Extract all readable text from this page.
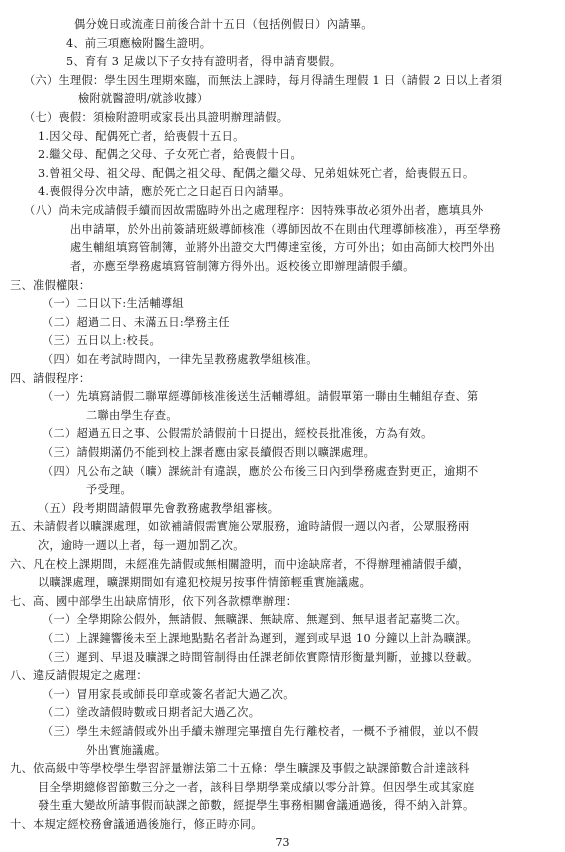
偶分娩日或流產日前後合計十五日（包括例假日）內請畢。
4、前三項應檢附醫生證明。
5、育有 3 足歲以下子女持有證明者，得申請育嬰假。
（六）生理假：學生因生理期來臨，而無法上課時，每月得請生理假 1 日（請假 2 日以上者須
檢附就醫證明/就診收據）
（七）喪假：須檢附證明或家長出具證明辦理請假。
1.因父母、配偶死亡者，給喪假十五日。
2.繼父母、配偶之父母、子女死亡者，給喪假十日。
3.曾祖父母、祖父母、配偶之祖父母、配偶之繼父母、兄弟姐妹死亡者，給喪假五日。
4.喪假得分次申請，應於死亡之日起百日內請畢。
（八）尚未完成請假手續而因故需臨時外出之處理程序：因特殊事故必須外出者，應填具外
出申請單，於外出前簽請班級導師核准（導師因故不在則由代理導師核准），再至學務
處生輔組填寫管制簿，並將外出證交大門傳達室後，方可外出；如由高師大校門外出
者，亦應至學務處填寫管制簿方得外出。返校後立即辦理請假手續。
三、准假權限：
（一）二日以下:生活輔導組
（二）超過二日、未滿五日:學務主任
（三）五日以上:校長。
（四）如在考試時間內，一律先呈教務處教學組核准。
四、請假程序：
（一）先填寫請假二聯單經導師核准後送生活輔導組。請假單第一聯由生輔組存查、第
二聯由學生存查。
（二）超過五日之事、公假需於請假前十日提出，經校長批准後，方為有效。
（三）請假期滿仍不能到校上課者應由家長續假否則以曠課處理。
（四）凡公布之缺（曠）課統計有違誤，應於公布後三日內到學務處查對更正，逾期不
予受理。
（五）段考期間請假單先會教務處教學組審核。
五、未請假者以曠課處理，如欲補請假需實施公眾服務，逾時請假一週以內者，公眾服務兩
次，逾時一週以上者，每一週加罰乙次。
六、凡在校上課期間，未經准先請假或無相關證明，而中途缺席者，不得辦理補請假手續，
以曠課處理，曠課期間如有違犯校規另按事件情節輕重實施議處。
七、高、國中部學生出缺席情形，依下列各款標準辦理：
（一）全學期除公假外，無請假、無曠課、無缺席、無遲到、無早退者記嘉獎二次。
（二）上課鐘響後未至上課地點點名者計為遲到，遲到或早退 10 分鐘以上計為曠課。
（三）遲到、早退及曠課之時間管制得由任課老師依實際情形衡量判斷，並據以登載。
八、違反請假規定之處理：
（一）冒用家長或師長印章或簽名者記大過乙次。
（二）塗改請假時數或日期者記大過乙次。
（三）學生未經請假或外出手續未辦理完畢擅自先行離校者，一概不予補假，並以不假
外出實施議處。
九、依高級中等學校學生學習評量辦法第二十五條：學生曠課及事假之缺課節數合計達該科
目全學期總修習節數三分之一者，該科目學期學業成績以零分計算。但因學生或其家庭
發生重大變故所請事假而缺課之節數，經提學生事務相關會議通過後，得不納入計算。
十、本規定經校務會議通過後施行，修正時亦同。
73
